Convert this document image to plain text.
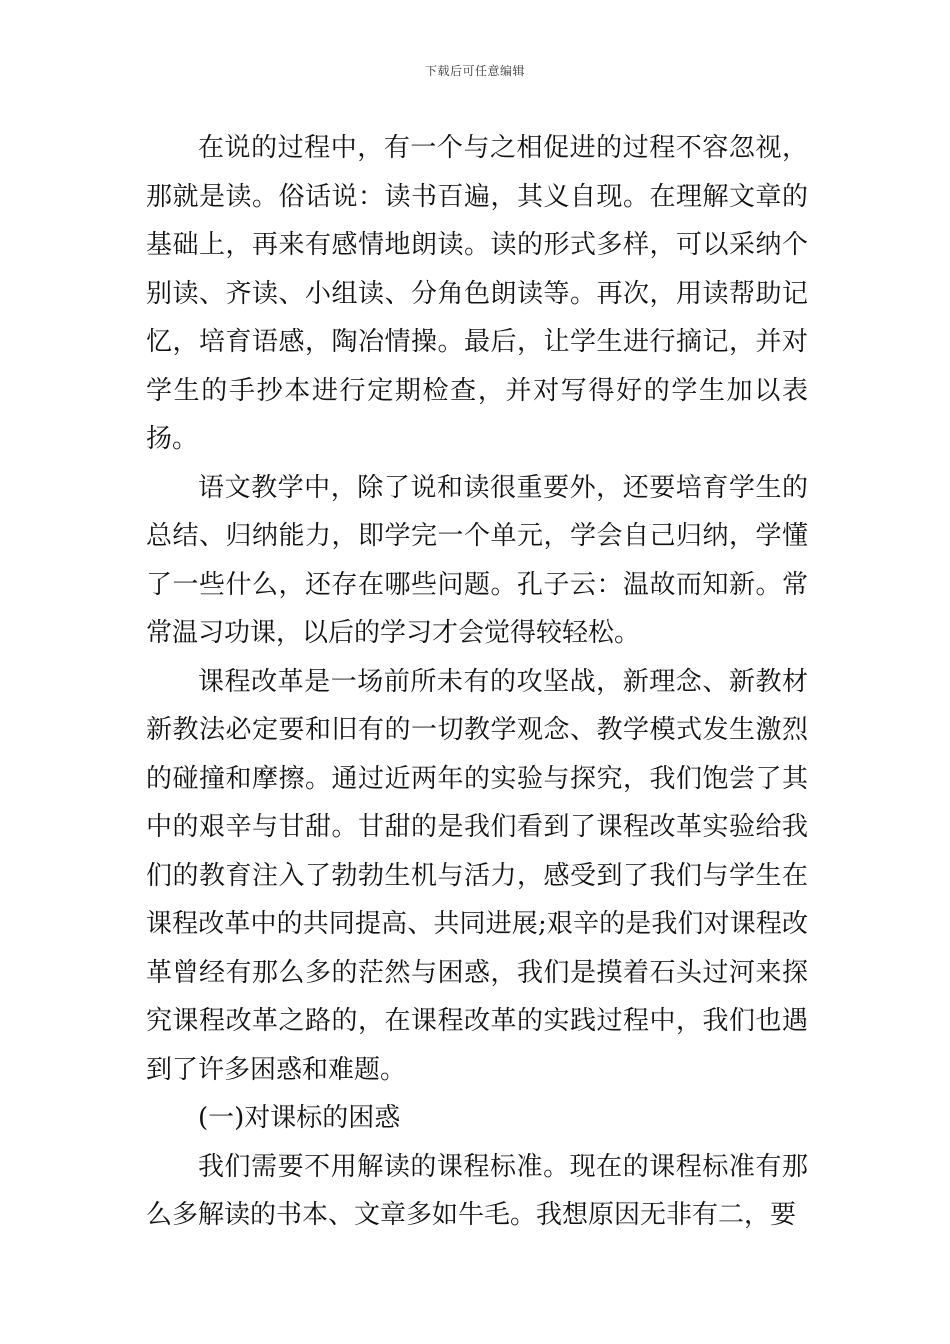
下载后可任意编辑

在说的过程中，有一个与之相促进的过程不容忽视，那就是读。俗话说：读书百遍，其义自现。在理解文章的基础上，再来有感情地朗读。读的形式多样，可以采纳个别读、齐读、小组读、分角色朗读等。再次，用读帮助记忆，培育语感，陶冶情操。最后，让学生进行摘记，并对学生的手抄本进行定期检查，并对写得好的学生加以表扬。

语文教学中，除了说和读很重要外，还要培育学生的总结、归纳能力，即学完一个单元，学会自己归纳，学懂了一些什么，还存在哪些问题。孔子云：温故而知新。常常温习功课，以后的学习才会觉得较轻松。

课程改革是一场前所未有的攻坚战，新理念、新教材新教法必定要和旧有的一切教学观念、教学模式发生激烈的碰撞和摩擦。通过近两年的实验与探究，我们饱尝了其中的艰辛与甘甜。甘甜的是我们看到了课程改革实验给我们的教育注入了勃勃生机与活力，感受到了我们与学生在课程改革中的共同提高、共同进展;艰辛的是我们对课程改革曾经有那么多的茫然与困惑，我们是摸着石头过河来探究课程改革之路的，在课程改革的实践过程中，我们也遇到了许多困惑和难题。

(一)对课标的困惑

我们需要不用解读的课程标准。现在的课程标准有那么多解读的书本、文章多如牛毛。我想原因无非有二，要
